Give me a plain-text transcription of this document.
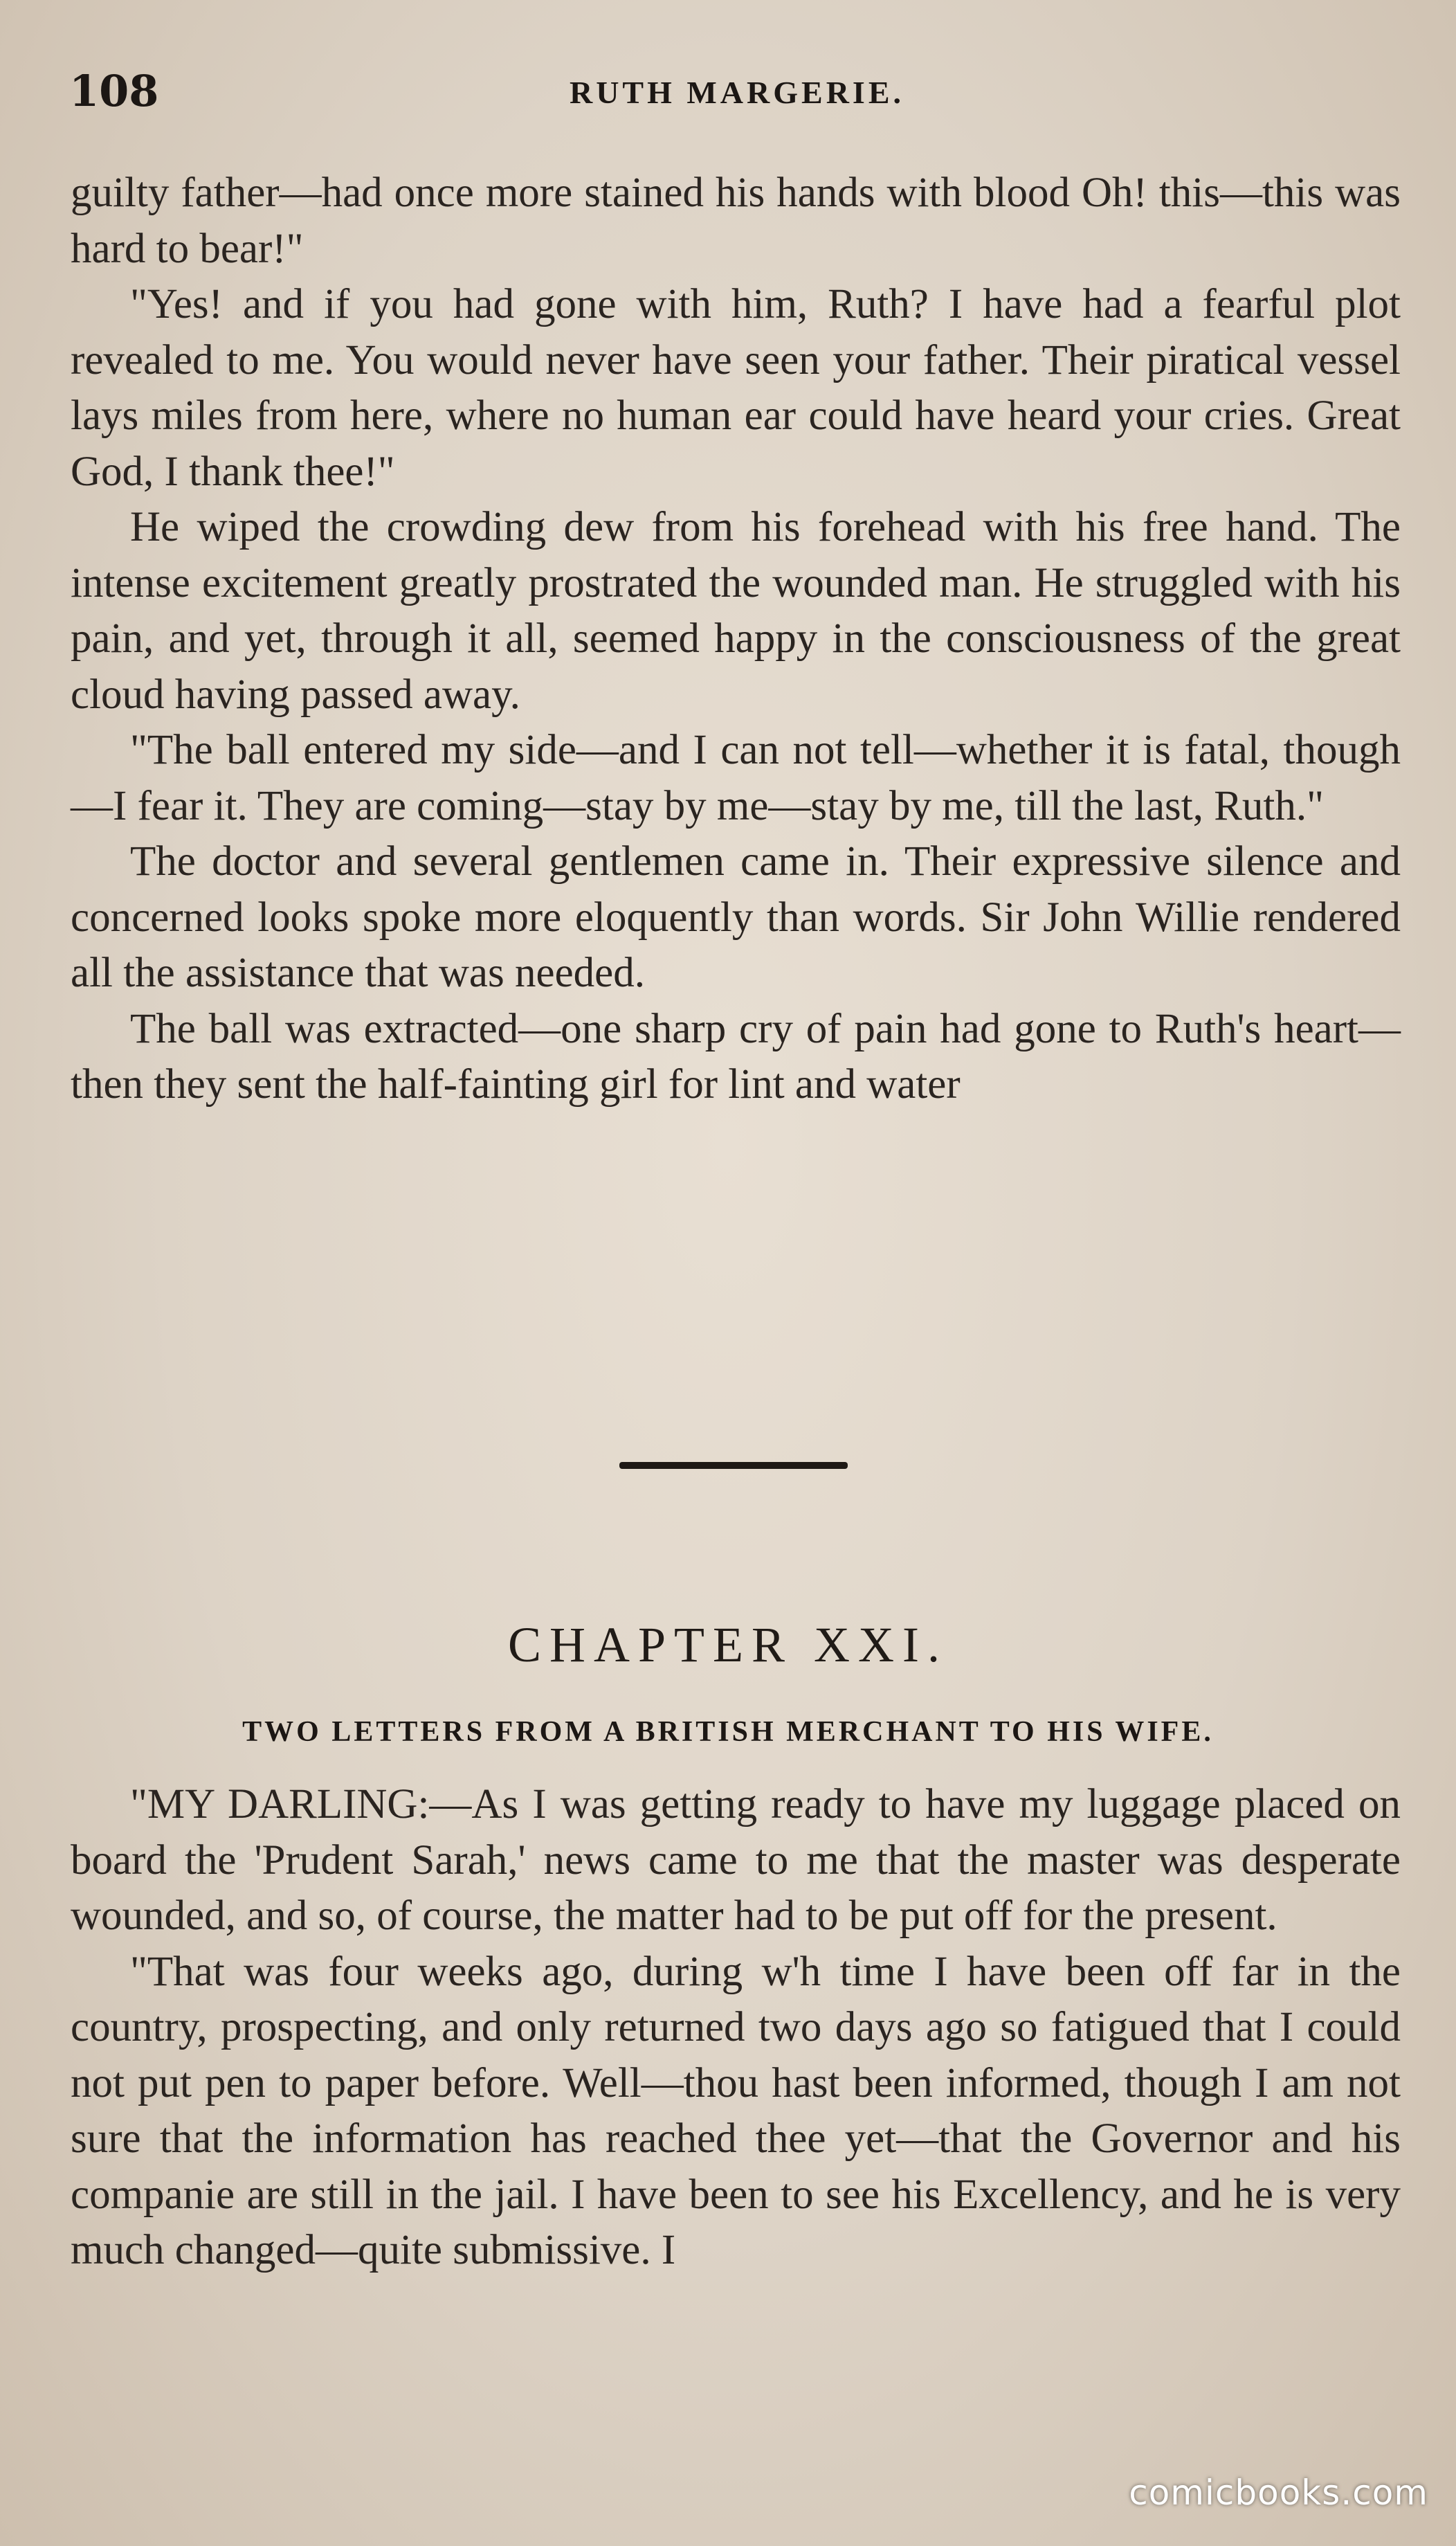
108	RUTH MARGERIE.

guilty father—had once more stained his hands with blood Oh! this—this was hard to bear!"

"Yes! and if you had gone with him, Ruth? I have had a fearful plot revealed to me. You would never have seen your father. Their piratical vessel lays miles from here, where no human ear could have heard your cries. Great God, I thank thee!"

He wiped the crowding dew from his forehead with his free hand. The intense excitement greatly prostrated the wounded man. He struggled with his pain, and yet, through it all, seemed happy in the consciousness of the great cloud having passed away.

"The ball entered my side—and I can not tell—whether it is fatal, though—I fear it. They are coming—stay by me—stay by me, till the last, Ruth."

The doctor and several gentlemen came in. Their expressive silence and concerned looks spoke more eloquently than words. Sir John Willie rendered all the assistance that was needed.

The ball was extracted—one sharp cry of pain had gone to Ruth's heart—then they sent the half-fainting girl for lint and water

CHAPTER XXI.
TWO LETTERS FROM A BRITISH MERCHANT TO HIS WIFE.

"MY DARLING:—As I was getting ready to have my luggage placed on board the 'Prudent Sarah,' news came to me that the master was desperate wounded, and so, of course, the matter had to be put off for the present.

"That was four weeks ago, during w'h time I have been off far in the country, prospecting, and only returned two days ago so fatigued that I could not put pen to paper before. Well—thou hast been informed, though I am not sure that the information has reached thee yet—that the Governor and his companie are still in the jail. I have been to see his Excellency, and he is very much changed—quite submissive. I

comicbooks.com
